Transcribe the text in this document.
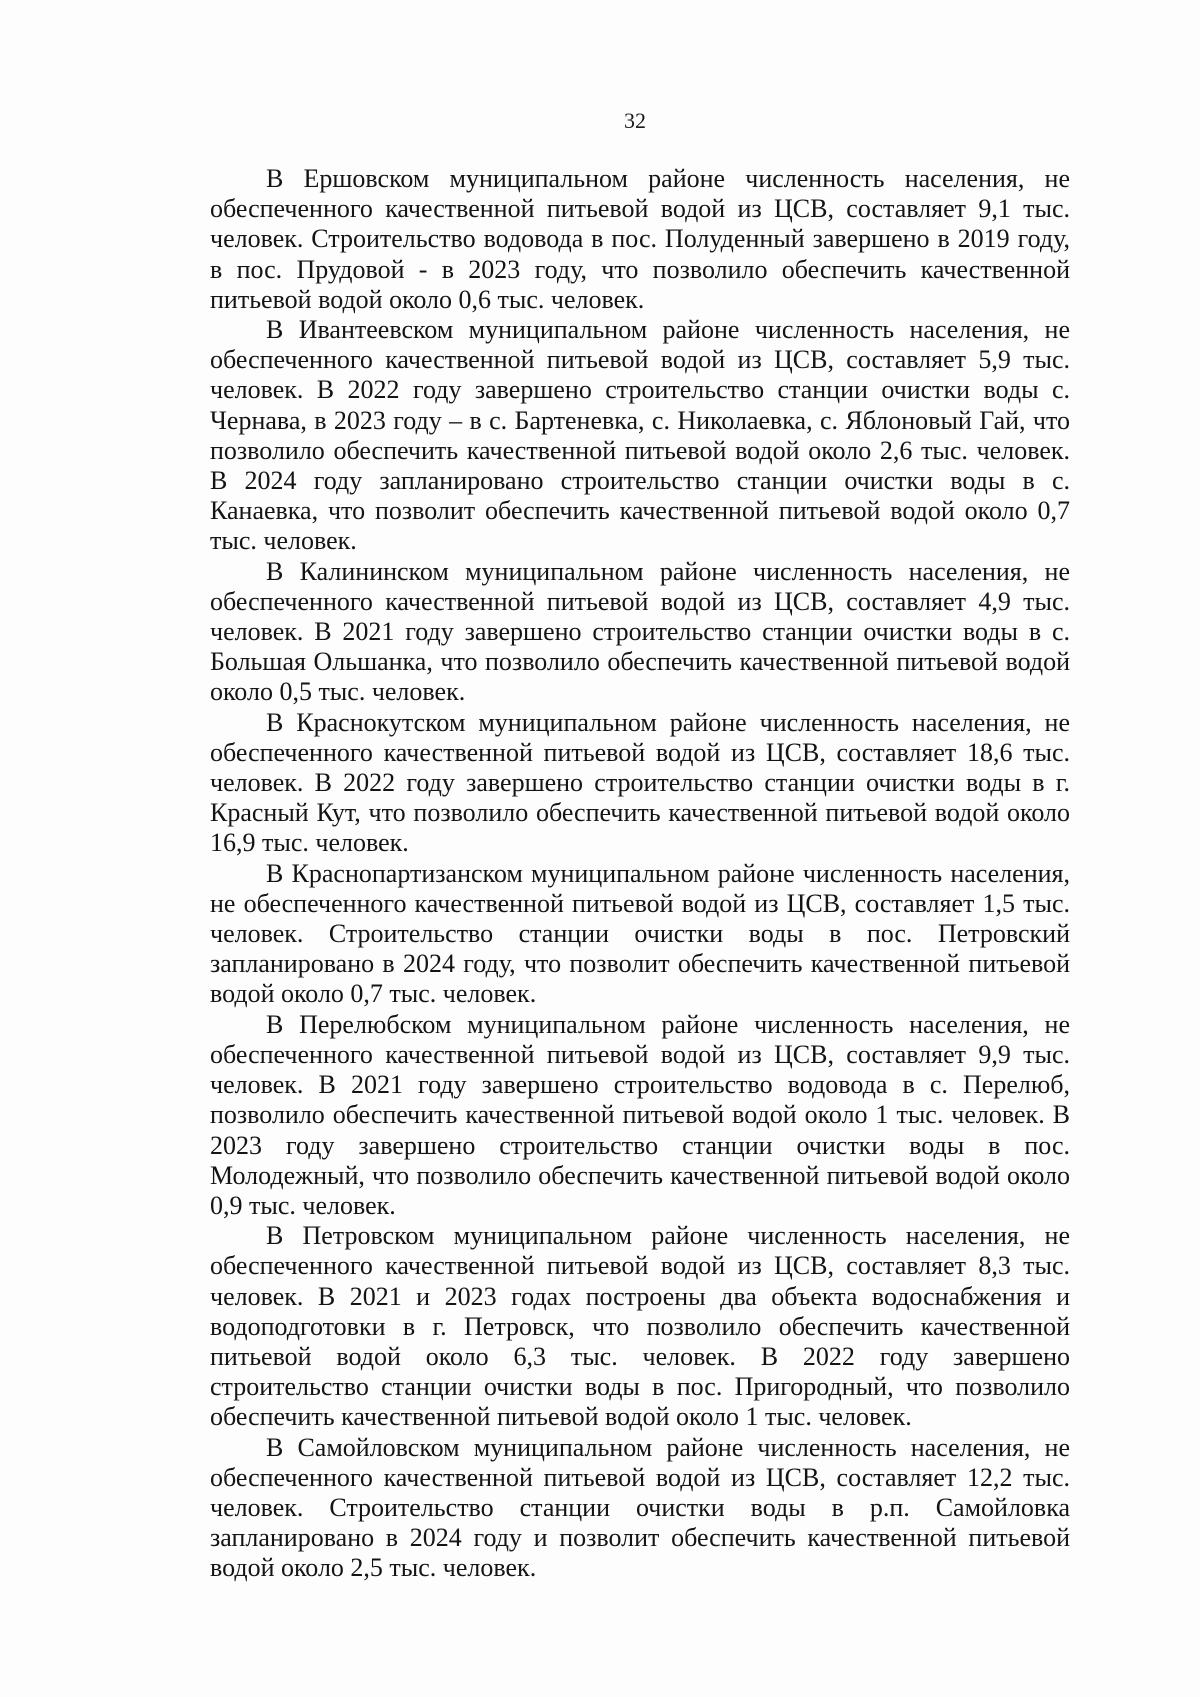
32

В Ершовском муниципальном районе численность населения, не обеспеченного качественной питьевой водой из ЦСВ, составляет 9,1 тыс. человек. Строительство водовода в пос. Полуденный завершено в 2019 году, в пос. Прудовой - в 2023 году, что позволило обеспечить качественной питьевой водой около 0,6 тыс. человек.

В Ивантеевском муниципальном районе численность населения, не обеспеченного качественной питьевой водой из ЦСВ, составляет 5,9 тыс. человек. В 2022 году завершено строительство станции очистки воды с. Чернава, в 2023 году – в с. Бартеневка, с. Николаевка, с. Яблоновый Гай, что позволило обеспечить качественной питьевой водой около 2,6 тыс. человек. В 2024 году запланировано строительство станции очистки воды в с. Канаевка, что позволит обеспечить качественной питьевой водой около 0,7 тыс. человек.

В Калининском муниципальном районе численность населения, не обеспеченного качественной питьевой водой из ЦСВ, составляет 4,9 тыс. человек. В 2021 году завершено строительство станции очистки воды в с. Большая Ольшанка, что позволило обеспечить качественной питьевой водой около 0,5 тыс. человек.

В Краснокутском муниципальном районе численность населения, не обеспеченного качественной питьевой водой из ЦСВ, составляет 18,6 тыс. человек. В 2022 году завершено строительство станции очистки воды в г. Красный Кут, что позволило обеспечить качественной питьевой водой около 16,9 тыс. человек.

В Краснопартизанском муниципальном районе численность населения, не обеспеченного качественной питьевой водой из ЦСВ, составляет 1,5 тыс. человек. Строительство станции очистки воды в пос. Петровский запланировано в 2024 году, что позволит обеспечить качественной питьевой водой около 0,7 тыс. человек.

В Перелюбском муниципальном районе численность населения, не обеспеченного качественной питьевой водой из ЦСВ, составляет 9,9 тыс. человек. В 2021 году завершено строительство водовода в с. Перелюб, позволило обеспечить качественной питьевой водой около 1 тыс. человек. В 2023 году завершено строительство станции очистки воды в пос. Молодежный, что позволило обеспечить качественной питьевой водой около 0,9 тыс. человек.

В Петровском муниципальном районе численность населения, не обеспеченного качественной питьевой водой из ЦСВ, составляет 8,3 тыс. человек. В 2021 и 2023 годах построены два объекта водоснабжения и водоподготовки в г. Петровск, что позволило обеспечить качественной питьевой водой около 6,3 тыс. человек. В 2022 году завершено строительство станции очистки воды в пос. Пригородный, что позволило обеспечить качественной питьевой водой около 1 тыс. человек.

В Самойловском муниципальном районе численность населения, не обеспеченного качественной питьевой водой из ЦСВ, составляет 12,2 тыс. человек. Строительство станции очистки воды в р.п. Самойловка запланировано в 2024 году и позволит обеспечить качественной питьевой водой около 2,5 тыс. человек.
